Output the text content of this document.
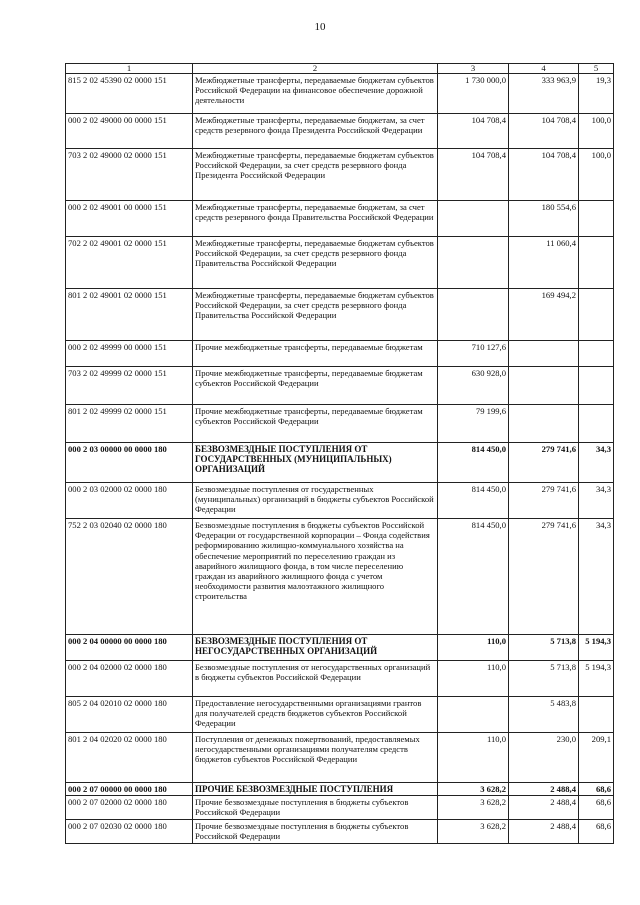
10
1	2	3	4	5
815 2 02 45390 02 0000 151	Межбюджетные трансферты, передаваемые бюджетам субъектов Российской Федерации на финансовое обеспечение дорожной деятельности	1 730 000,0	333 963,9	19,3
000 2 02 49000 00 0000 151	Межбюджетные трансферты, передаваемые бюджетам, за счет средств резервного фонда Президента Российской Федерации	104 708,4	104 708,4	100,0
703 2 02 49000 02 0000 151	Межбюджетные трансферты, передаваемые бюджетам субъектов Российской Федерации, за счет средств резервного фонда Президента Российской Федерации	104 708,4	104 708,4	100,0
000 2 02 49001 00 0000 151	Межбюджетные трансферты, передаваемые бюджетам, за счет средств резервного фонда Правительства Российской Федерации		180 554,6	
702 2 02 49001 02 0000 151	Межбюджетные трансферты, передаваемые бюджетам субъектов Российской Федерации, за счет средств резервного фонда Правительства Российской Федерации		11 060,4	
801 2 02 49001 02 0000 151	Межбюджетные трансферты, передаваемые бюджетам субъектов Российской Федерации, за счет средств резервного фонда Правительства Российской Федерации		169 494,2	
000 2 02 49999 00 0000 151	Прочие межбюджетные трансферты, передаваемые бюджетам	710 127,6		
703 2 02 49999 02 0000 151	Прочие межбюджетные трансферты, передаваемые бюджетам субъектов Российской Федерации	630 928,0		
801 2 02 49999 02 0000 151	Прочие межбюджетные трансферты, передаваемые бюджетам субъектов Российской Федерации	79 199,6		
000 2 03 00000 00 0000 180	БЕЗВОЗМЕЗДНЫЕ ПОСТУПЛЕНИЯ ОТ ГОСУДАРСТВЕННЫХ (МУНИЦИПАЛЬНЫХ) ОРГАНИЗАЦИЙ	814 450,0	279 741,6	34,3
000 2 03 02000 02 0000 180	Безвозмездные поступления от государственных (муниципальных) организаций в бюджеты субъектов Российской Федерации	814 450,0	279 741,6	34,3
752 2 03 02040 02 0000 180	Безвозмездные поступления в бюджеты субъектов Российской Федерации от государственной корпорации – Фонда содействия реформированию жилищно-коммунального хозяйства на обеспечение мероприятий по переселению граждан из аварийного жилищного фонда, в том числе переселению граждан из аварийного жилищного фонда с учетом необходимости развития малоэтажного жилищного строительства	814 450,0	279 741,6	34,3
000 2 04 00000 00 0000 180	БЕЗВОЗМЕЗДНЫЕ ПОСТУПЛЕНИЯ ОТ НЕГОСУДАРСТВЕННЫХ ОРГАНИЗАЦИЙ	110,0	5 713,8	5 194,3
000 2 04 02000 02 0000 180	Безвозмездные поступления от негосударственных организаций в бюджеты субъектов Российской Федерации	110,0	5 713,8	5 194,3
805 2 04 02010 02 0000 180	Предоставление негосударственными организациями грантов для получателей средств бюджетов субъектов Российской Федерации		5 483,8	
801 2 04 02020 02 0000 180	Поступления от денежных пожертвований, предоставляемых негосударственными организациями получателям средств бюджетов субъектов Российской Федерации	110,0	230,0	209,1
000 2 07 00000 00 0000 180	ПРОЧИЕ БЕЗВОЗМЕЗДНЫЕ ПОСТУПЛЕНИЯ	3 628,2	2 488,4	68,6
000 2 07 02000 02 0000 180	Прочие безвозмездные поступления в бюджеты субъектов Российской Федерации	3 628,2	2 488,4	68,6
000 2 07 02030 02 0000 180	Прочие безвозмездные поступления в бюджеты субъектов Российской Федерации	3 628,2	2 488,4	68,6
